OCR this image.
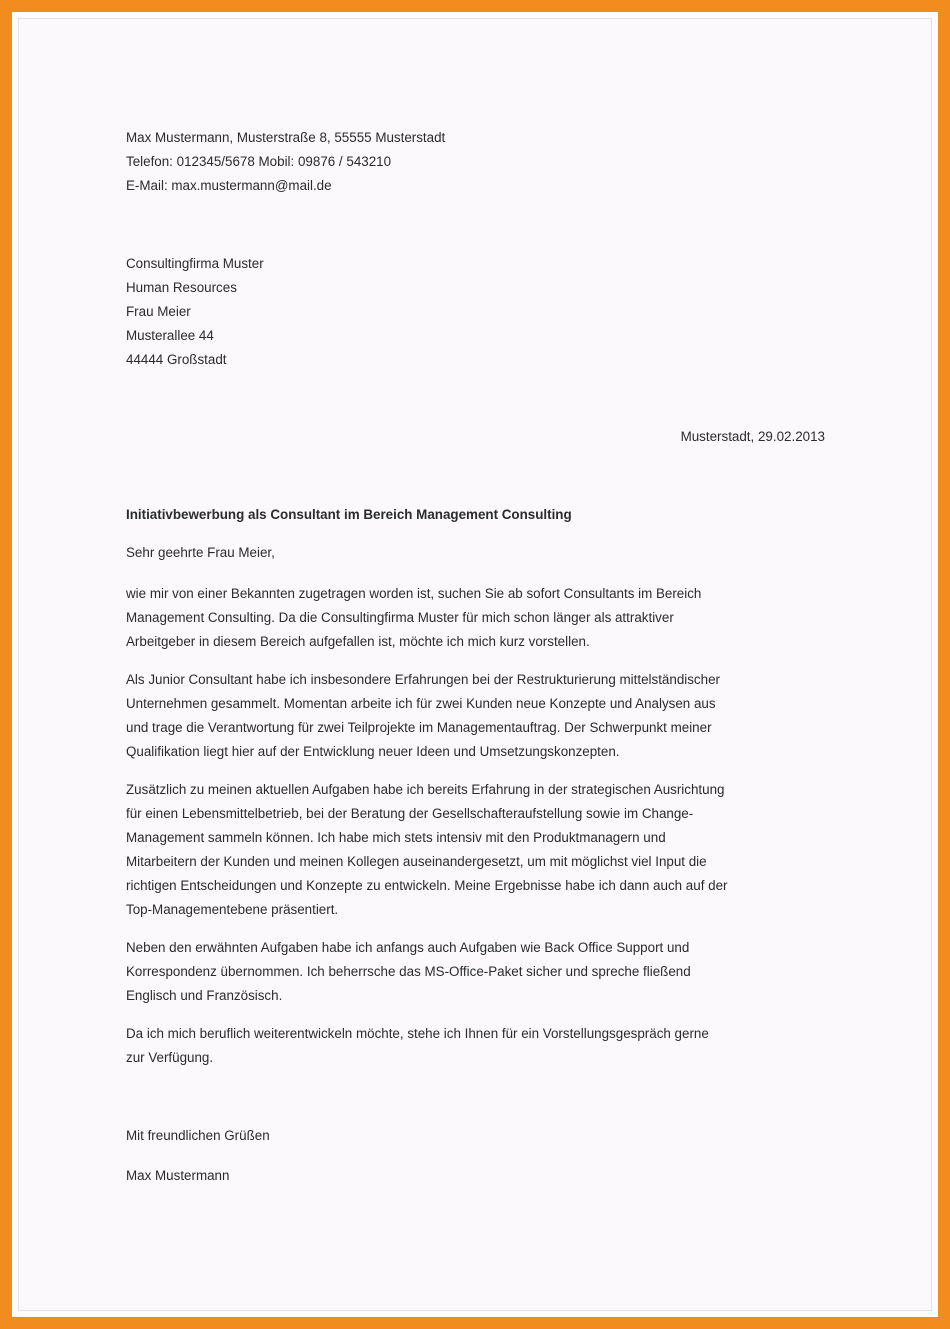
Max Mustermann, Musterstraße 8, 55555 Musterstadt
Telefon: 012345/5678 Mobil: 09876 / 543210
E-Mail: max.mustermann@mail.de
Consultingfirma Muster
Human Resources
Frau Meier
Musterallee 44
44444 Großstadt
Musterstadt, 29.02.2013
Initiativbewerbung als Consultant im Bereich Management Consulting
Sehr geehrte Frau Meier,
wie mir von einer Bekannten zugetragen worden ist, suchen Sie ab sofort Consultants im Bereich
Management Consulting. Da die Consultingfirma Muster für mich schon länger als attraktiver
Arbeitgeber in diesem Bereich aufgefallen ist, möchte ich mich kurz vorstellen.
Als Junior Consultant habe ich insbesondere Erfahrungen bei der Restrukturierung mittelständischer
Unternehmen gesammelt. Momentan arbeite ich für zwei Kunden neue Konzepte und Analysen aus
und trage die Verantwortung für zwei Teilprojekte im Managementauftrag. Der Schwerpunkt meiner
Qualifikation liegt hier auf der Entwicklung neuer Ideen und Umsetzungskonzepten.
Zusätzlich zu meinen aktuellen Aufgaben habe ich bereits Erfahrung in der strategischen Ausrichtung
für einen Lebensmittelbetrieb, bei der Beratung der Gesellschafteraufstellung sowie im Change-
Management sammeln können. Ich habe mich stets intensiv mit den Produktmanagern und
Mitarbeitern der Kunden und meinen Kollegen auseinandergesetzt, um mit möglichst viel Input die
richtigen Entscheidungen und Konzepte zu entwickeln. Meine Ergebnisse habe ich dann auch auf der
Top-Managementebene präsentiert.
Neben den erwähnten Aufgaben habe ich anfangs auch Aufgaben wie Back Office Support und
Korrespondenz übernommen. Ich beherrsche das MS-Office-Paket sicher und spreche fließend
Englisch und Französisch.
Da ich mich beruflich weiterentwickeln möchte, stehe ich Ihnen für ein Vorstellungsgespräch gerne
zur Verfügung.
Mit freundlichen Grüßen
Max Mustermann
